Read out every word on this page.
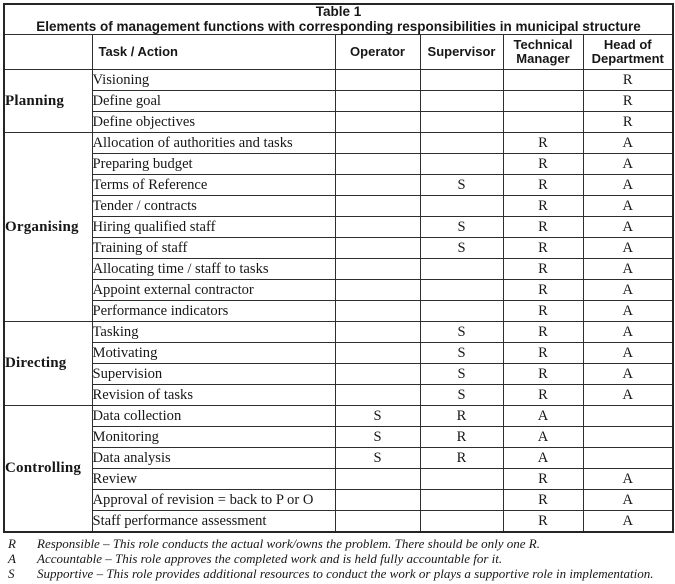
Table 1
Elements of management functions with corresponding responsibilities in municipal structure					

	Task / Action	Operator	Supervisor	Technical Manager	Head of Department
Planning	Visioning				R
	Define goal				R
	Define objectives				R
Organising	Allocation of authorities and tasks			R	A
	Preparing budget			R	A
	Terms of Reference		S	R	A
	Tender / contracts			R	A
	Hiring qualified staff		S	R	A
	Training of staff		S	R	A
	Allocating time / staff to tasks			R	A
	Appoint external contractor			R	A
	Performance indicators			R	A
Directing	Tasking		S	R	A
	Motivating		S	R	A
	Supervision		S	R	A
	Revision of tasks		S	R	A
Controlling	Data collection	S	R	A	
	Monitoring	S	R	A	
	Data analysis	S	R	A	
	Review			R	A
	Approval of revision = back to P or O			R	A
	Staff performance assessment			R	A
R	Responsible – This role conducts the actual work/owns the problem. There should be only one R.
A	Accountable – This role approves the completed work and is held fully accountable for it.
S	Supportive – This role provides additional resources to conduct the work or plays a supportive role in implementation.
